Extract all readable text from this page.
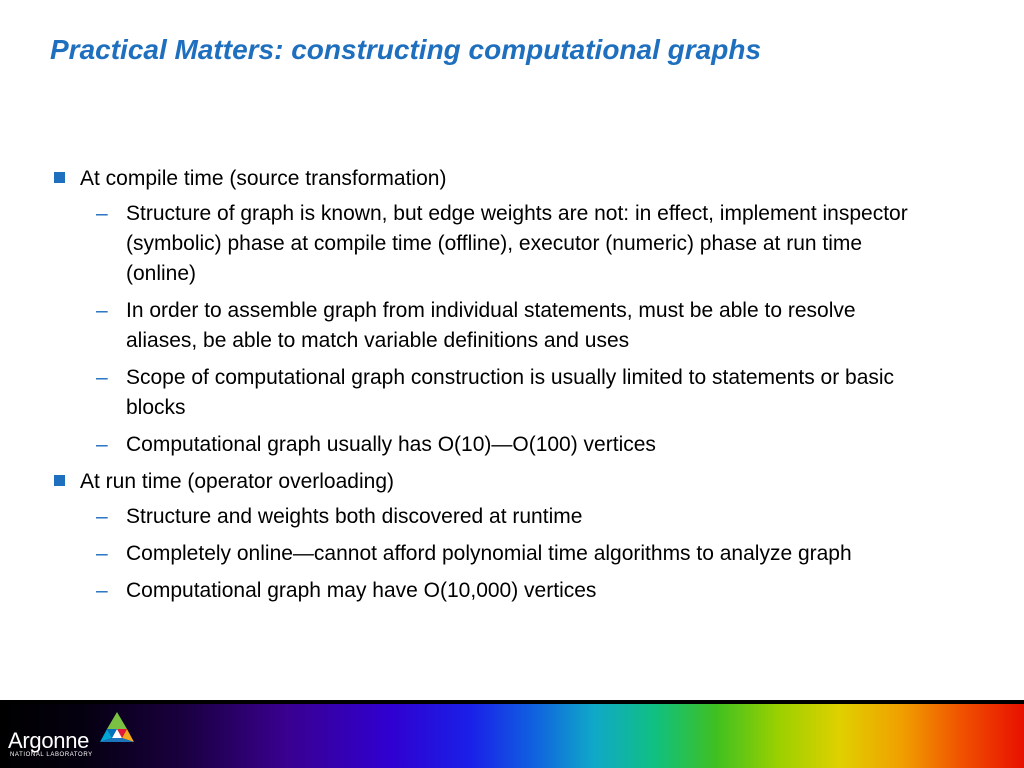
Practical Matters: constructing computational graphs
At compile time (source transformation)
– Structure of graph is known, but edge weights are not: in effect, implement inspector (symbolic) phase at compile time (offline), executor (numeric) phase at run time (online)
– In order to assemble graph from individual statements, must be able to resolve aliases, be able to match variable definitions and uses
– Scope of computational graph construction is usually limited to statements or basic blocks
– Computational graph usually has O(10)—O(100) vertices
At run time (operator overloading)
– Structure and weights both discovered at runtime
– Completely online—cannot afford polynomial time algorithms to analyze graph
– Computational graph may have O(10,000) vertices
Argonne
NATIONAL LABORATORY
